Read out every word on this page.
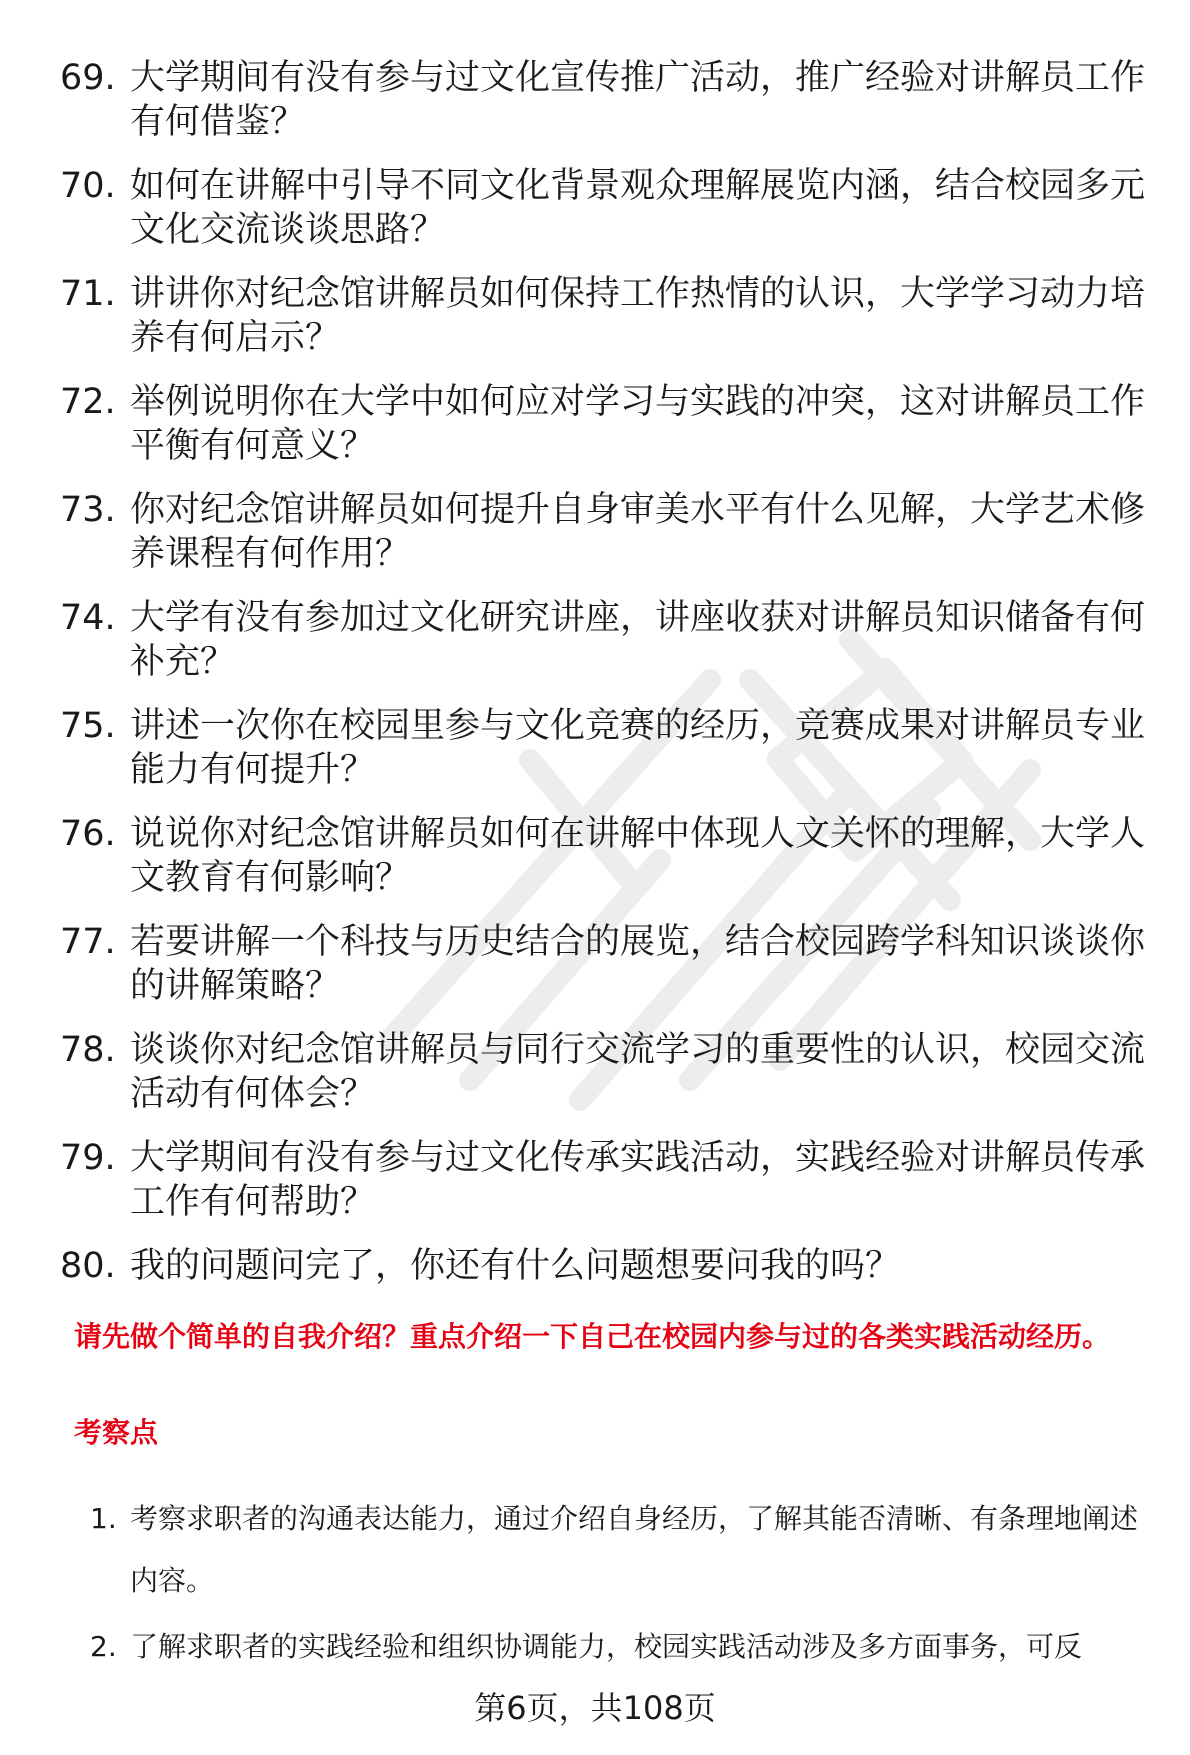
69. 大学期间有没有参与过文化宣传推广活动，推广经验对讲解员工作有何借鉴？
70. 如何在讲解中引导不同文化背景观众理解展览内涵，结合校园多元文化交流谈谈思路？
71. 讲讲你对纪念馆讲解员如何保持工作热情的认识，大学学习动力培养有何启示？
72. 举例说明你在大学中如何应对学习与实践的冲突，这对讲解员工作平衡有何意义？
73. 你对纪念馆讲解员如何提升自身审美水平有什么见解，大学艺术修养课程有何作用？
74. 大学有没有参加过文化研究讲座，讲座收获对讲解员知识储备有何补充？
75. 讲述一次你在校园里参与文化竞赛的经历，竞赛成果对讲解员专业能力有何提升？
76. 说说你对纪念馆讲解员如何在讲解中体现人文关怀的理解，大学人文教育有何影响？
77. 若要讲解一个科技与历史结合的展览，结合校园跨学科知识谈谈你的讲解策略？
78. 谈谈你对纪念馆讲解员与同行交流学习的重要性的认识，校园交流活动有何体会？
79. 大学期间有没有参与过文化传承实践活动，实践经验对讲解员传承工作有何帮助？
80. 我的问题问完了，你还有什么问题想要问我的吗？

请先做个简单的自我介绍？重点介绍一下自己在校园内参与过的各类实践活动经历。

考察点
1. 考察求职者的沟通表达能力，通过介绍自身经历，了解其能否清晰、有条理地阐述内容。
2. 了解求职者的实践经验和组织协调能力，校园实践活动涉及多方面事务，可反
第6页，共108页
